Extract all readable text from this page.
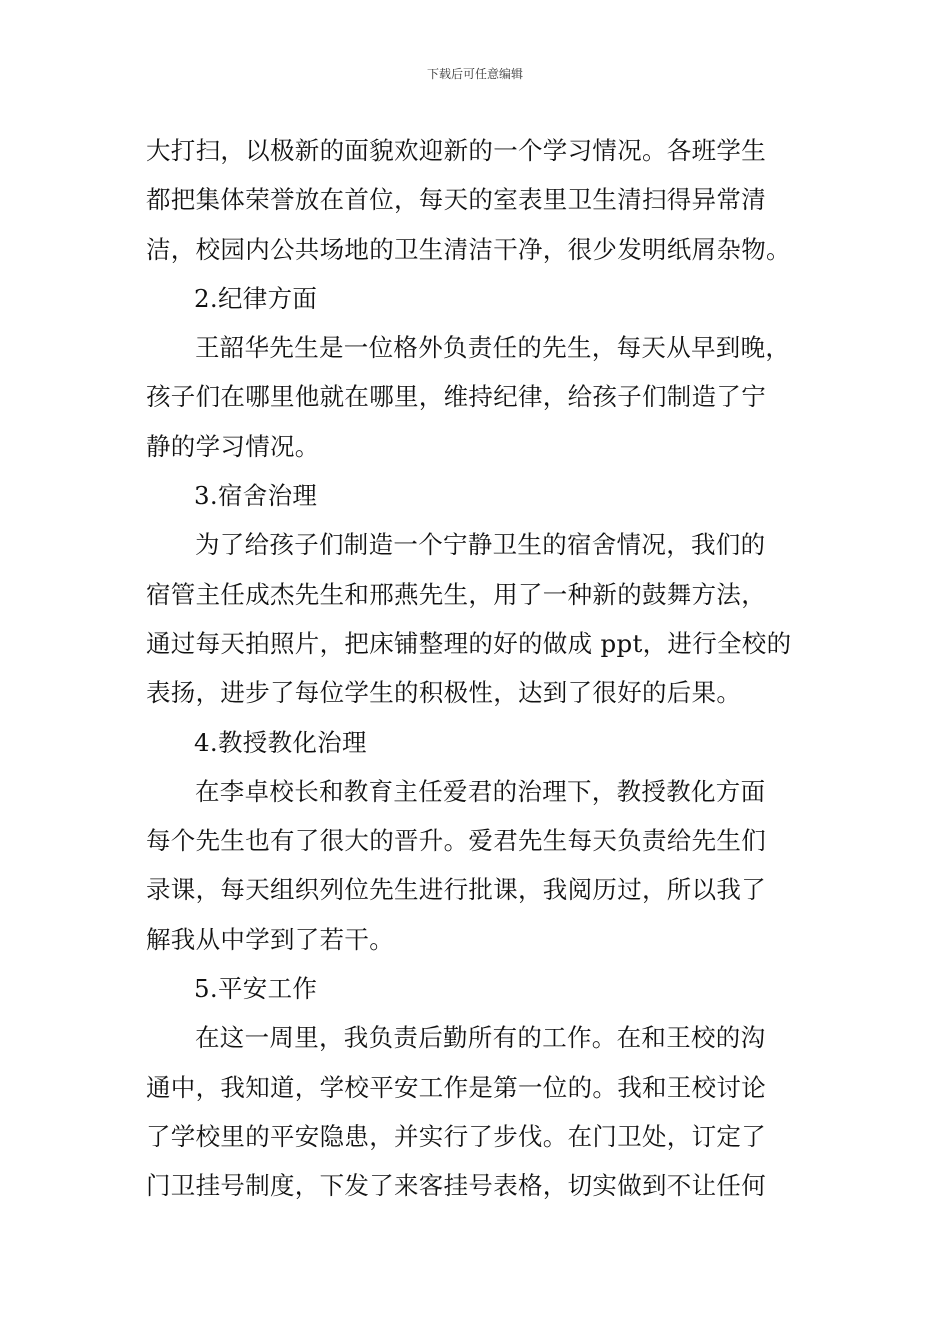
下载后可任意编辑
大打扫，以极新的面貌欢迎新的一个学习情况。各班学生
都把集体荣誉放在首位，每天的室表里卫生清扫得异常清
洁，校园内公共场地的卫生清洁干净，很少发明纸屑杂物。
2.纪律方面
王韶华先生是一位格外负责任的先生，每天从早到晚，
孩子们在哪里他就在哪里，维持纪律，给孩子们制造了宁
静的学习情况。
3.宿舍治理
为了给孩子们制造一个宁静卫生的宿舍情况，我们的
宿管主任成杰先生和邢燕先生，用了一种新的鼓舞方法，
通过每天拍照片，把床铺整理的好的做成 ppt，进行全校的
表扬，进步了每位学生的积极性，达到了很好的后果。
4.教授教化治理
在李卓校长和教育主任爱君的治理下，教授教化方面
每个先生也有了很大的晋升。爱君先生每天负责给先生们
录课，每天组织列位先生进行批课，我阅历过，所以我了
解我从中学到了若干。
5.平安工作
在这一周里，我负责后勤所有的工作。在和王校的沟
通中，我知道，学校平安工作是第一位的。我和王校讨论
了学校里的平安隐患，并实行了步伐。在门卫处，订定了
门卫挂号制度，下发了来客挂号表格，切实做到不让任何
